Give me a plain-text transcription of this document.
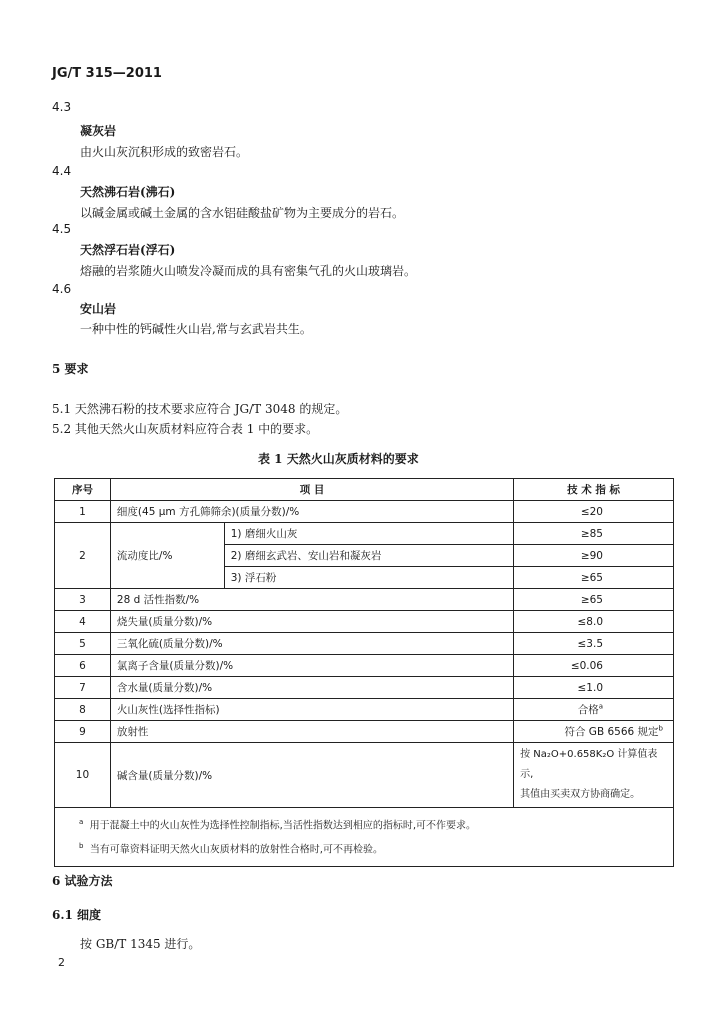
JG/T 315—2011
4.3
凝灰岩
由火山灰沉积形成的致密岩石。
4.4
天然沸石岩(沸石)
以碱金属或碱土金属的含水铝硅酸盐矿物为主要成分的岩石。
4.5
天然浮石岩(浮石)
熔融的岩浆随火山喷发冷凝而成的具有密集气孔的火山玻璃岩。
4.6
安山岩
一种中性的钙碱性火山岩,常与玄武岩共生。
5 要求
5.1 天然沸石粉的技术要求应符合 JG/T 3048 的规定。
5.2 其他天然火山灰质材料应符合表 1 中的要求。
表 1 天然火山灰质材料的要求
序号	项 目		技 术 指 标
1	细度(45 μm 方孔筛筛余)(质量分数)/%		≤20
2	流动度比/%	1) 磨细火山灰	≥85
		2) 磨细玄武岩、安山岩和凝灰岩	≥90
		3) 浮石粉	≥65
3	28 d 活性指数/%		≥65
4	烧失量(质量分数)/%		≤8.0
5	三氧化硫(质量分数)/%		≤3.5
6	氯离子含量(质量分数)/%		≤0.06
7	含水量(质量分数)/%		≤1.0
8	火山灰性(选择性指标)		合格$^a$
9	放射性		符合 GB 6566 规定$^b$
10	碱含量(质量分数)/%		按 Na₂O+0.658K₂O 计算值表示,
其值由买卖双方协商确定。

$^a$ 用于混凝土中的火山灰性为选择性控制指标,当活性指数达到相应的指标时,可不作要求。
$^b$ 当有可靠资料证明天然火山灰质材料的放射性合格时,可不再检验。			
6 试验方法
6.1 细度
按 GB/T 1345 进行。
2
